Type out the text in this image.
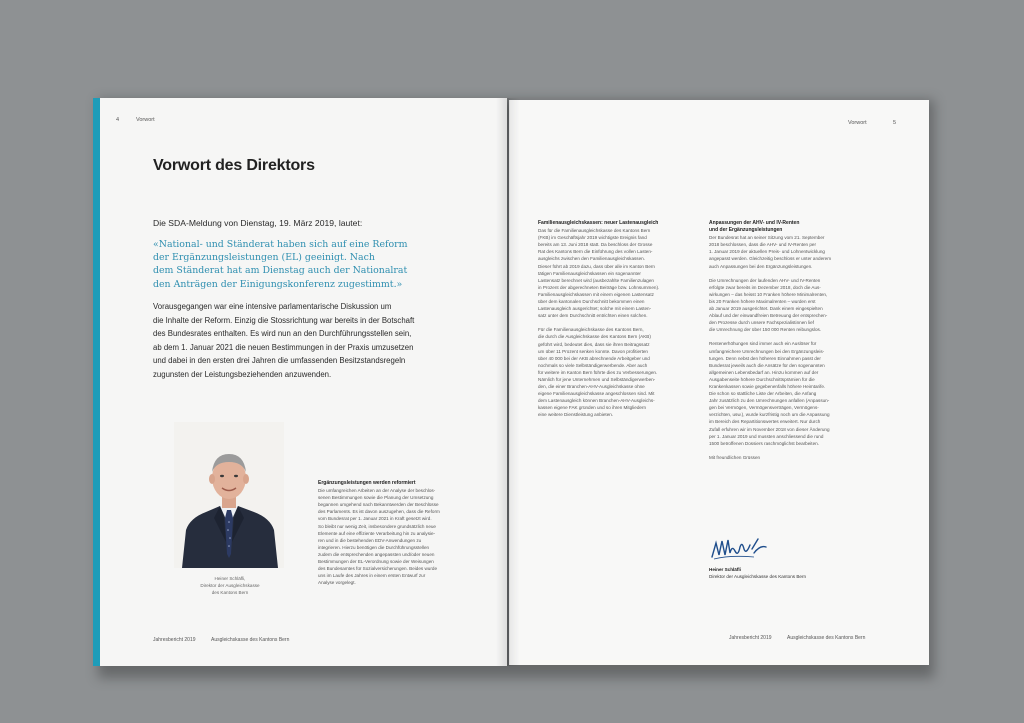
4	Vorwort
Vorwort des Direktors
Die SDA-Meldung von Dienstag, 19. März 2019, lautet:
«National- und Ständerat haben sich auf eine Reform
der Ergänzungsleistungen (EL) geeinigt. Nach
dem Ständerat hat am Dienstag auch der Nationalrat
den Anträgen der Einigungskonferenz zugestimmt.»
Vorausgegangen war eine intensive parlamentarische Diskussion um
die Inhalte der Reform. Einzig die Stossrichtung war bereits in der Botschaft
des Bundesrates enthalten. Es wird nun an den Durchführungsstellen sein,
ab dem 1. Januar 2021 die neuen Bestimmungen in der Praxis umzusetzen
und dabei in den ersten drei Jahren die umfassenden Besitzstandsregeln
zugunsten der Leistungsbeziehenden anzuwenden.
Heiner Schläfli,
Direktor der Ausgleichskasse
des Kantons Bern
Ergänzungsleistungen werden reformiert
Die umfangreichen Arbeiten an der Analyse der beschlos-
senen Bestimmungen sowie die Planung der Umsetzung
begannen umgehend nach Bekanntwerden der Beschlüsse
des Parlaments. Es ist davon auszugehen, dass die Reform
vom Bundesrat per 1. Januar 2021 in Kraft gesetzt wird.
So bleibt nur wenig Zeit, insbesondere grundsätzlich neue
Elemente auf eine effiziente Verarbeitung hin zu analysie-
ren und in die bestehenden EDV-Anwendungen zu
integrieren. Hierzu benötigen die Durchführungsstellen
zudem die entsprechenden angepassten und/oder neuen
Bestimmungen der EL-Verordnung sowie der Weisungen
des Bundesamtes für Sozialversicherungen. Beides wurde
uns im Laufe des Jahres in einem ersten Entwurf zur
Analyse vorgelegt.
Jahresbericht 2019	Ausgleichskasse des Kantons Bern
Vorwort	5
Familienausgleichskassen: neuer Lastenausgleich
Das für die Familienausgleichskasse des Kantons Bern
(FKB) im Geschäftsjahr 2019 wichtigste Ereignis fand
bereits am 13. Juni 2018 statt. Da beschloss der Grosse
Rat des Kantons Bern die Einführung des vollen Lasten-
ausgleichs zwischen den Familienausgleichskassen.
Dieser führt ab 2019 dazu, dass über alle im Kanton Bern
tätigen Familienausgleichskassen ein sogenannter
Lastensatz berechnet wird (ausbezahlte Familienzulagen
in Prozent der abgerechneten Beiträge bzw. Lohnsummen).
Familienausgleichskassen mit einem eigenen Lastensatz
über dem kantonalen Durchschnitt bekommen einen
Lastenausgleich ausgerichtet; solche mit einem Lasten-
satz unter dem Durchschnitt entrichten einen solchen.
Für die Familienausgleichskasse des Kantons Bern,
die durch die Ausgleichskasse des Kantons Bern (AKB)
geführt wird, bedeutet dies, dass sie ihren Beitragssatz
um über 11 Prozent senken konnte. Davon profitierten
über 40 000 bei der AKB abrechnende Arbeitgeber und
nochmals so viele Selbständigerwerbende. Aber auch
für weitere im Kanton Bern führte dies zu Verbesserungen.
Nämlich für jene Unternehmen und Selbständigerwerben-
den, die einer Branchen-AHV-Ausgleichskasse ohne
eigene Familienausgleichskasse angeschlossen sind. Mit
dem Lastenausgleich können Branchen-AHV-Ausgleichs-
kassen eigene FAK gründen und so ihren Mitgliedern
eine weitere Dienstleistung anbieten.
Anpassungen der AHV- und IV-Renten
und der Ergänzungsleistungen
Der Bundesrat hat an seiner Sitzung vom 21. September
2018 beschlossen, dass die AHV- und IV-Renten per
1. Januar 2019 der aktuellen Preis- und Lohnentwicklung
angepasst werden. Gleichzeitig beschloss er unter anderem
auch Anpassungen bei den Ergänzungsleistungen.
Die Umrechnungen der laufenden AHV- und IV-Renten
erfolgte zwar bereits im Dezember 2018, doch die Aus-
wirkungen – das heisst 10 Franken höhere Minimalrenten,
bis 20 Franken höhere Maximalrenten – wurden erst
ab Januar 2019 ausgerichtet. Dank einem eingespielten
Ablauf und der einwandfreien Betreuung der entsprechen-
den Prozesse durch unsere Fachspezialistinnen lief
die Umrechnung der über 150 000 Renten reibungslos.
Rentenerhöhungen sind immer auch ein Auslöser für
umfangreichere Umrechnungen bei den Ergänzungsleis-
tungen. Denn nebst den höheren Einnahmen passt der
Bundesrat jeweils auch die Ansätze für den sogenannten
allgemeinen Lebensbedarf an. Hinzu kommen auf der
Ausgabenseite höhere Durchschnittsprämien für die
Krankenkassen sowie gegebenenfalls höhere Heimtarife.
Die schon so stattliche Liste der Arbeiten, die Anfang
Jahr zusätzlich zu den Umrechnungen anfallen (Anpassun-
gen bei Vermögen, Vermögensverträgen, Vermögens-
verzichten, usw.), wurde kurzfristig noch um die Anpassung
im Bereich des Repartitionswertes erweitert. Nur durch
Zufall erfuhren wir im November 2018 von dieser Änderung
per 1. Januar 2019 und mussten anschliessend die rund
1500 betroffenen Dossiers raschmöglichst bearbeiten.
Mit freundlichen Grüssen
Heiner Schläfli
Direktor der Ausgleichskasse des Kantons Bern
Jahresbericht 2019	Ausgleichskasse des Kantons Bern
